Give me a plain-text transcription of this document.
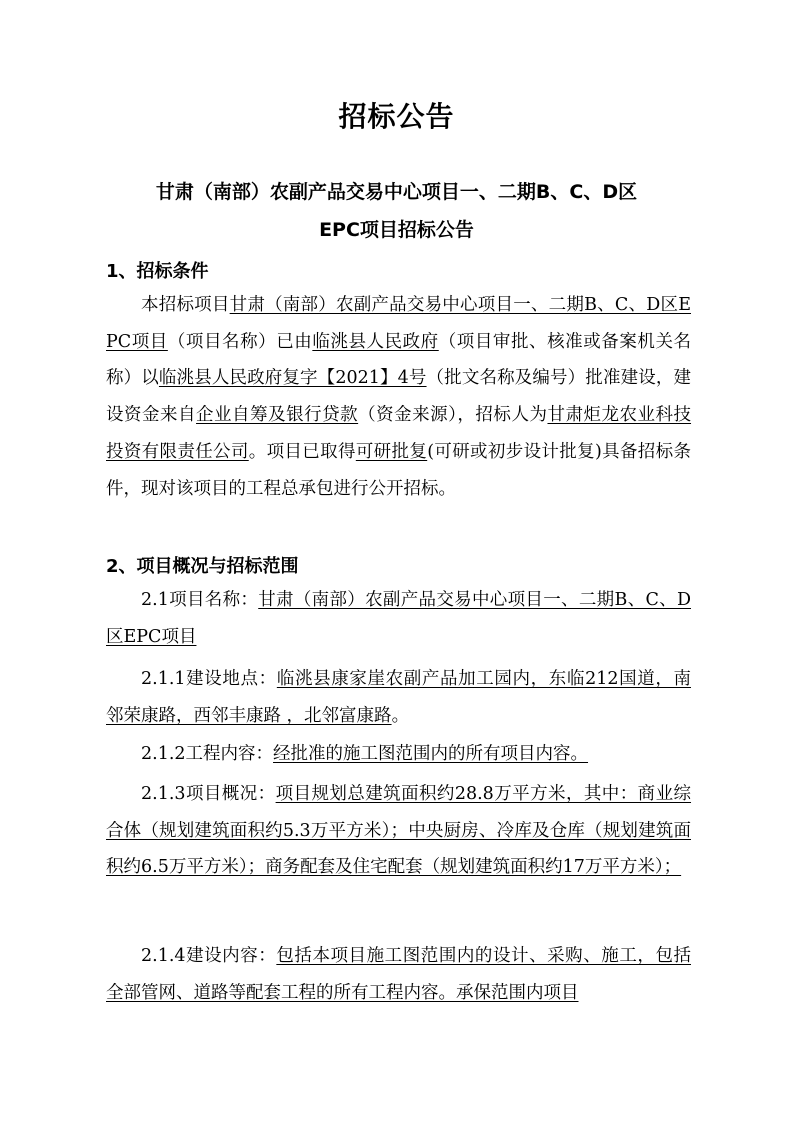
招标公告
甘肃（南部）农副产品交易中心项目一、二期B、C、D区
EPC项目招标公告
1、招标条件
本招标项目甘肃（南部）农副产品交易中心项目一、二期B、C、D区EPC项目（项目名称）已由临洮县人民政府（项目审批、核准或备案机关名称）以临洮县人民政府复字【2021】4号（批文名称及编号）批准建设，建设资金来自企业自筹及银行贷款（资金来源），招标人为甘肃炬龙农业科技投资有限责任公司。项目已取得可研批复(可研或初步设计批复)具备招标条件，现对该项目的工程总承包进行公开招标。
2、项目概况与招标范围
2.1项目名称：甘肃（南部）农副产品交易中心项目一、二期B、C、D区EPC项目
2.1.1建设地点：临洮县康家崖农副产品加工园内，东临212国道，南邻荣康路，西邻丰康路 ，北邻富康路。
2.1.2工程内容：经批准的施工图范围内的所有项目内容。
2.1.3项目概况：项目规划总建筑面积约28.8万平方米，其中：商业综合体（规划建筑面积约5.3万平方米）；中央厨房、冷库及仓库（规划建筑面积约6.5万平方米）；商务配套及住宅配套（规划建筑面积约17万平方米）；
2.1.4建设内容：包括本项目施工图范围内的设计、采购、施工，包括全部管网、道路等配套工程的所有工程内容。承保范围内项目
